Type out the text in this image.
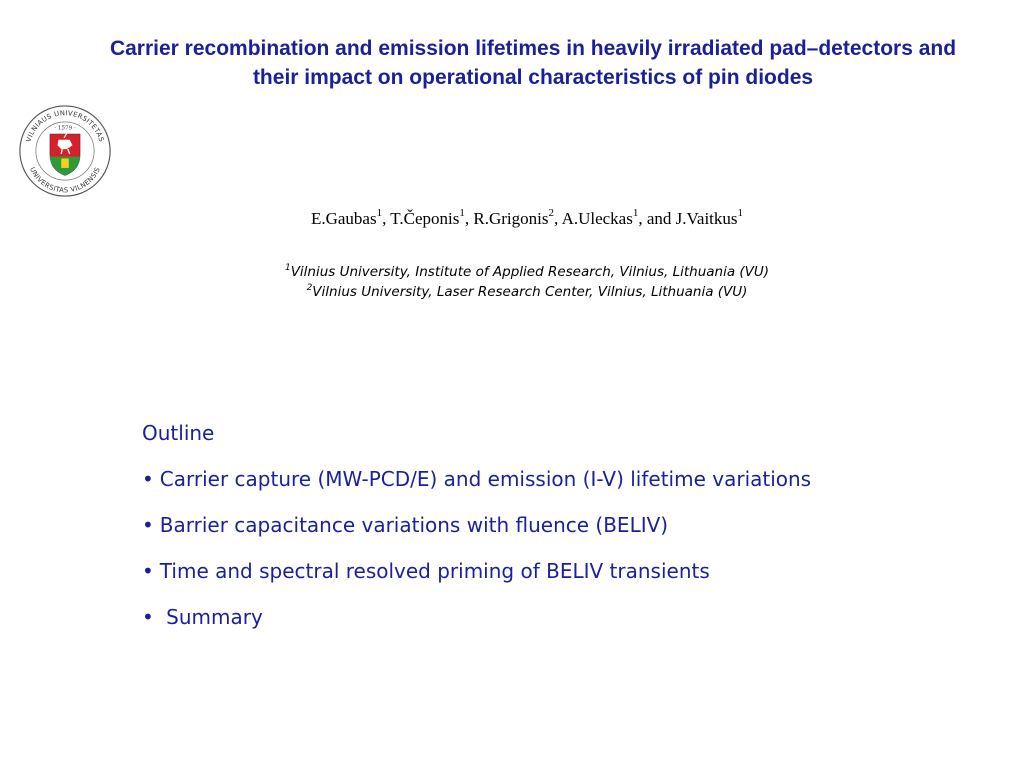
Carrier recombination and emission lifetimes in heavily irradiated pad–detectors and their impact on operational characteristics of pin diodes
VILNIAUS UNIVERSITETAS
UNIVERSITAS VILNENSIS
· 1579 ·
E.Gaubas$^1$, T.Čeponis$^1$, R.Grigonis$^2$, A.Uleckas$^1$, and J.Vaitkus$^1$
$^1$Vilnius University, Institute of Applied Research, Vilnius, Lithuania (VU)
$^2$Vilnius University, Laser Research Center, Vilnius, Lithuania (VU)
Outline
• Carrier capture (MW-PCD/E) and emission (I-V) lifetime variations
• Barrier capacitance variations with fluence (BELIV)
• Time and spectral resolved priming of BELIV transients
• Summary
